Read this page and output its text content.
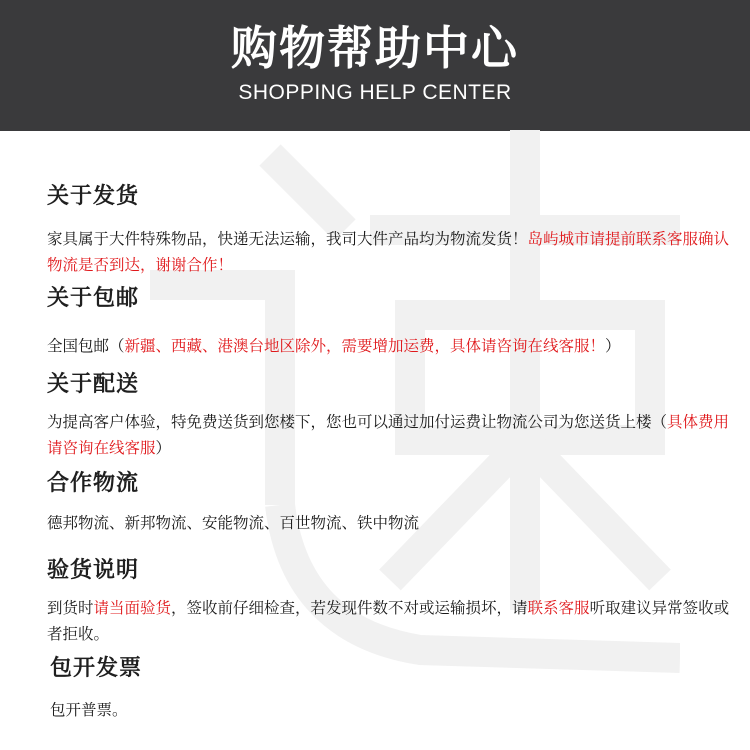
购物帮助中心
SHOPPING HELP CENTER
关于发货

家具属于大件特殊物品，快递无法运输，我司大件产品均为物流发货！岛屿城市请提前联系客服确认物流是否到达，谢谢合作！

关于包邮

全国包邮（新疆、西藏、港澳台地区除外，需要增加运费，具体请咨询在线客服！）

关于配送

为提高客户体验，特免费送货到您楼下，您也可以通过加付运费让物流公司为您送货上楼（具体费用请咨询在线客服）

合作物流

德邦物流、新邦物流、安能物流、百世物流、铁中物流

验货说明

到货时请当面验货，签收前仔细检查，若发现件数不对或运输损坏，请联系客服听取建议异常签收或者拒收。

包开发票

包开普票。
